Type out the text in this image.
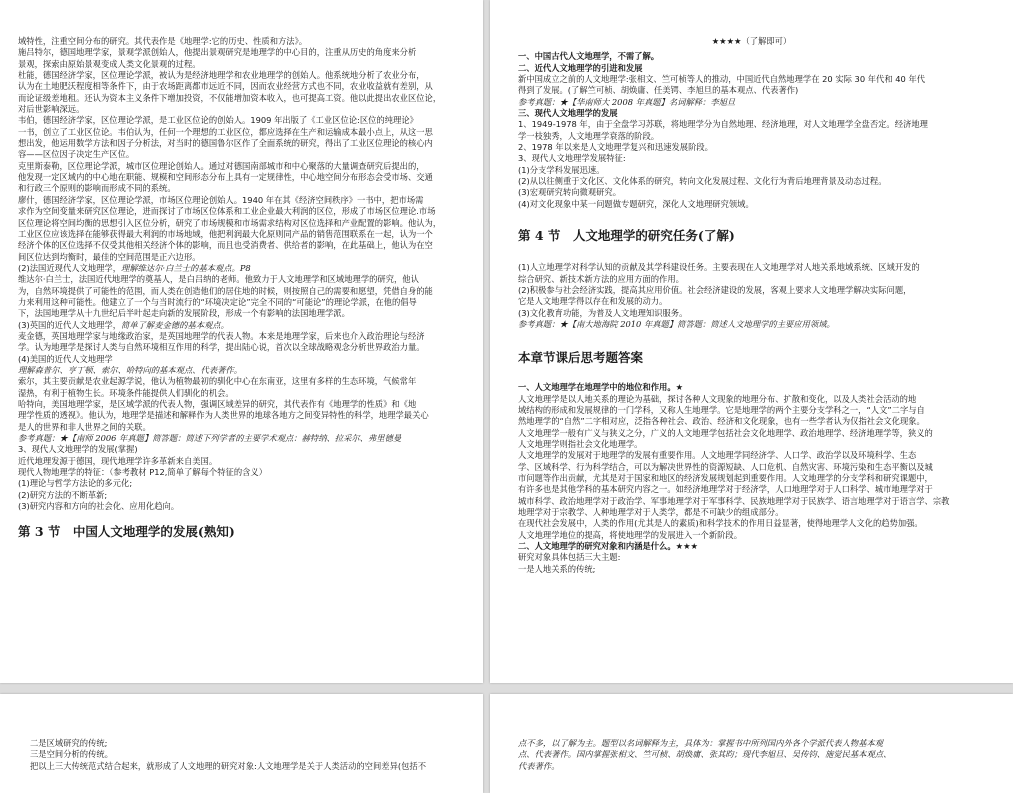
域特性，注重空间分布的研究。其代表作是《地理学:它的历史、性质和方法》。

施吕特尔，德国地理学家，景观学派创始人，他提出景观研究是地理学的中心目的，注重从历史的角度来分析

景观，探索由原始景观变成人类文化景观的过程。

杜能，德国经济学家，区位理论学派，被认为是经济地理学和农业地理学的创始人。他系统地分析了农业分布，

认为在土地肥沃程度相等条件下，由于农场距离都市远近不同，因而农业经营方式也不同，农业收益就有差别，从

而论证级差地租。还认为资本主义条件下增加投资，不仅能增加资本收入，也可提高工资。他以此提出农业区位论，

对后世影响深远。

韦伯，德国经济学家，区位理论学派，是工业区位论的创始人。1909 年出版了《工业区位论:区位的纯理论》

一书，创立了工业区位论。韦伯认为，任何一个理想的工业区位，都应选择在生产和运输成本最小点上，从这一思

想出发，他运用数学方法和因子分析法，对当时的德国鲁尔区作了全面系统的研究，得出了工业区位理论的核心内

容——区位因子决定生产区位。

克里斯泰勒，区位理论学派，城市区位理论创始人。通过对德国南部城市和中心聚落的大量调查研究后提出的，

他发现一定区域内的中心地在职能、规模和空间形态分布上具有一定规律性，中心地空间分布形态会受市场、交通

和行政三个原则的影响而形成不同的系统。

廖什，德国经济学家，区位理论学派，市场区位理论创始人。1940 年在其《经济空间秩序》一书中，把市场需

求作为空间变量来研究区位理论，进而探讨了市场区位体系和工业企业最大利润的区位，形成了市场区位理论.市场

区位理论将空间均衡的思想引入区位分析，研究了市场规模和市场需求结构对区位选择和产业配置的影响。他认为，

工业区位应该选择在能够获得最大利润的市场地域，他把利润最大化原则同产品的销售范围联系在一起，认为一个

经济个体的区位选择不仅受其他相关经济个体的影响，而且也受消费者、供给者的影响，在此基础上，他认为在空

间区位达到均衡时，最佳的空间范围是正六边形。

(2)法国近现代人文地理学，理解维达尔·白兰士的基本观点。P8

维达尔·白兰士，法国近代地理学的奠基人，是白吕纳的老师。他致力于人文地理学和区域地理学的研究，他认

为，自然环境提供了可能性的范围，而人类在创造他们的居住地的时候，则按照自己的需要和愿望，凭借自身的能

力来利用这种可能性。他建立了一个与当时流行的“环境决定论”完全不同的“可能论”的理论学派，在他的倡导

下，法国地理学从十九世纪后半叶起走向新的发展阶段，形成一个有影响的法国地理学派。

(3)英国的近代人文地理学，简单了解麦金德的基本观点。

麦金德，英国地理学家与地缘政治家，是英国地理学的代表人物。本来是地理学家，后来也介入政治理论与经济

学。认为地理学是探讨人类与自然环境相互作用的科学，提出陆心说，首次以全球战略观念分析世界政治力量。

(4)美国的近代人文地理学

理解森普尔、亨丁顿、索尔、哈特向的基本观点、代表著作。

索尔，其主要贡献是农业起源学说，他认为植物最初的驯化中心在东南亚，这里有多样的生态环境，气候常年

湿热，有利于植物生长。环境条件能提供人们驯化的机会。

哈特向，美国地理学家，是区域学派的代表人物，强调区域差异的研究，其代表作有《地理学的性质》和《地

理学性质的透视》。他认为，地理学是描述和解释作为人类世界的地球各地方之间变异特性的科学，地理学最关心

是人的世界和非人世界之间的关联。

参考真题：★【南师 2006 年真题】简答题：简述下列学者的主要学术观点：赫特纳、拉采尔、弗里德曼

3、现代人文地理学的发展(掌握)

近代地理发源于德国，现代地理学许多革新来自美国。

现代人物地理学的特征：（参考教材 P12,简单了解每个特征的含义）

(1)理论与哲学方法论的多元化;

(2)研究方法的不断革新;

(3)研究内容和方向的社会化、应用化趋向。

第 3 节　中国人文地理学的发展(熟知)
★★★★（了解即可）

一、中国古代人文地理学，不需了解。

二、近代人文地理学的引进和发展

新中国成立之前的人文地理学:张相文、竺可桢等人的推动，中国近代自然地理学在 20 实际 30 年代和 40 年代

得到了发展。(了解竺可桢、胡焕庸、任美锷、李旭旦的基本观点、代表著作)

参考真题：★【华南师大 2008 年真题】名词解释：李旭旦

三、现代人文地理学的发展

1、1949-1978 年，由于全盘学习苏联，将地理学分为自然地理、经济地理，对人文地理学全盘否定。经济地理

学一枝独秀，人文地理学衰落的阶段。

2、1978 年以来是人文地理学复兴和迅速发展阶段。

3、现代人文地理学发展特征:

(1)分支学科发展迅速。

(2)从以往侧重于文化区、文化体系的研究，转向文化发展过程、文化行为背后地理背景及动态过程。

(3)宏观研究转向微观研究。

(4)对文化现象中某一问题做专题研究，深化人文地理研究领域。

第 4 节　人文地理学的研究任务(了解)

(1)人立地理学对科学认知的贡献及其学科建设任务。主要表现在人文地理学对人地关系地域系统、区域开发的

综合研究、新技术新方法的应用方面的作用。

(2)积极参与社会经济实践，提高其应用价值。社会经济建设的发展，客观上要求人文地理学解决实际问题，

它是人文地理学得以存在和发展的动力。

(3)文化教育功能，为普及人文地理知识服务。

参考真题：★【南大地海院 2010 年真题】简答题：简述人文地理学的主要应用领域。

本章节课后思考题答案

一、人文地理学在地理学中的地位和作用。★

人文地理学是以人地关系的理论为基础，探讨各种人文现象的地理分布、扩散和变化，以及人类社会活动的地

域结构的形成和发展规律的一门学科，又称人生地理学。它是地理学的两个主要分支学科之一，“人文”二字与自

然地理学的“自然”二字相对应，泛指各种社会、政治、经济和文化现象，也有一些学者认为仅指社会文化现象。

人文地理学一般有广义与狭义之分，广义的人文地理学包括社会文化地理学、政治地理学、经济地理学等，狭义的

人文地理学则指社会文化地理学。

人文地理学的发展对于地理学的发展有重要作用。人文地理学同经济学、人口学、政治学以及环境科学、生态

学、区域科学、行为科学结合，可以为解决世界性的资源短缺、人口危机、自然灾害、环境污染和生态平衡以及城

市问题等作出贡献，尤其是对于国家和地区的经济发展规划起到重要作用。人文地理学的分支学科和研究课题中，

有许多也是其他学科的基本研究内容之一。如经济地理学对于经济学，人口地理学对于人口科学、城市地理学对于

城市科学、政治地理学对于政治学、军事地理学对于军事科学、民族地理学对于民族学、语言地理学对于语言学、宗教

地理学对于宗教学、人种地理学对于人类学，都是不可缺少的组成部分。

在现代社会发展中，人类的作用(尤其是人的素质)和科学技术的作用日益显著，使得地理学人文化的趋势加强。

人文地理学地位的提高，将使地理学的发展进入一个新阶段。

二、人文地理学的研究对象和内涵是什么。★★★

研究对象具体包括三大主题:

一是人地关系的传统;

二是区域研究的传统;

三是空间分析的传统。

把以上三大传统范式结合起来，就形成了人文地理的研究对象:人文地理学是关于人类活动的空间差异(包括不

点不多，以了解为主。题型以名词解释为主，具体为：掌握书中所列国内外各个学派代表人物基本观

点、代表著作。国内掌握张相文、竺可桢、胡焕庸、张其昀；现代李旭旦、吴传钧、施觉民基本观点、

代表著作。
